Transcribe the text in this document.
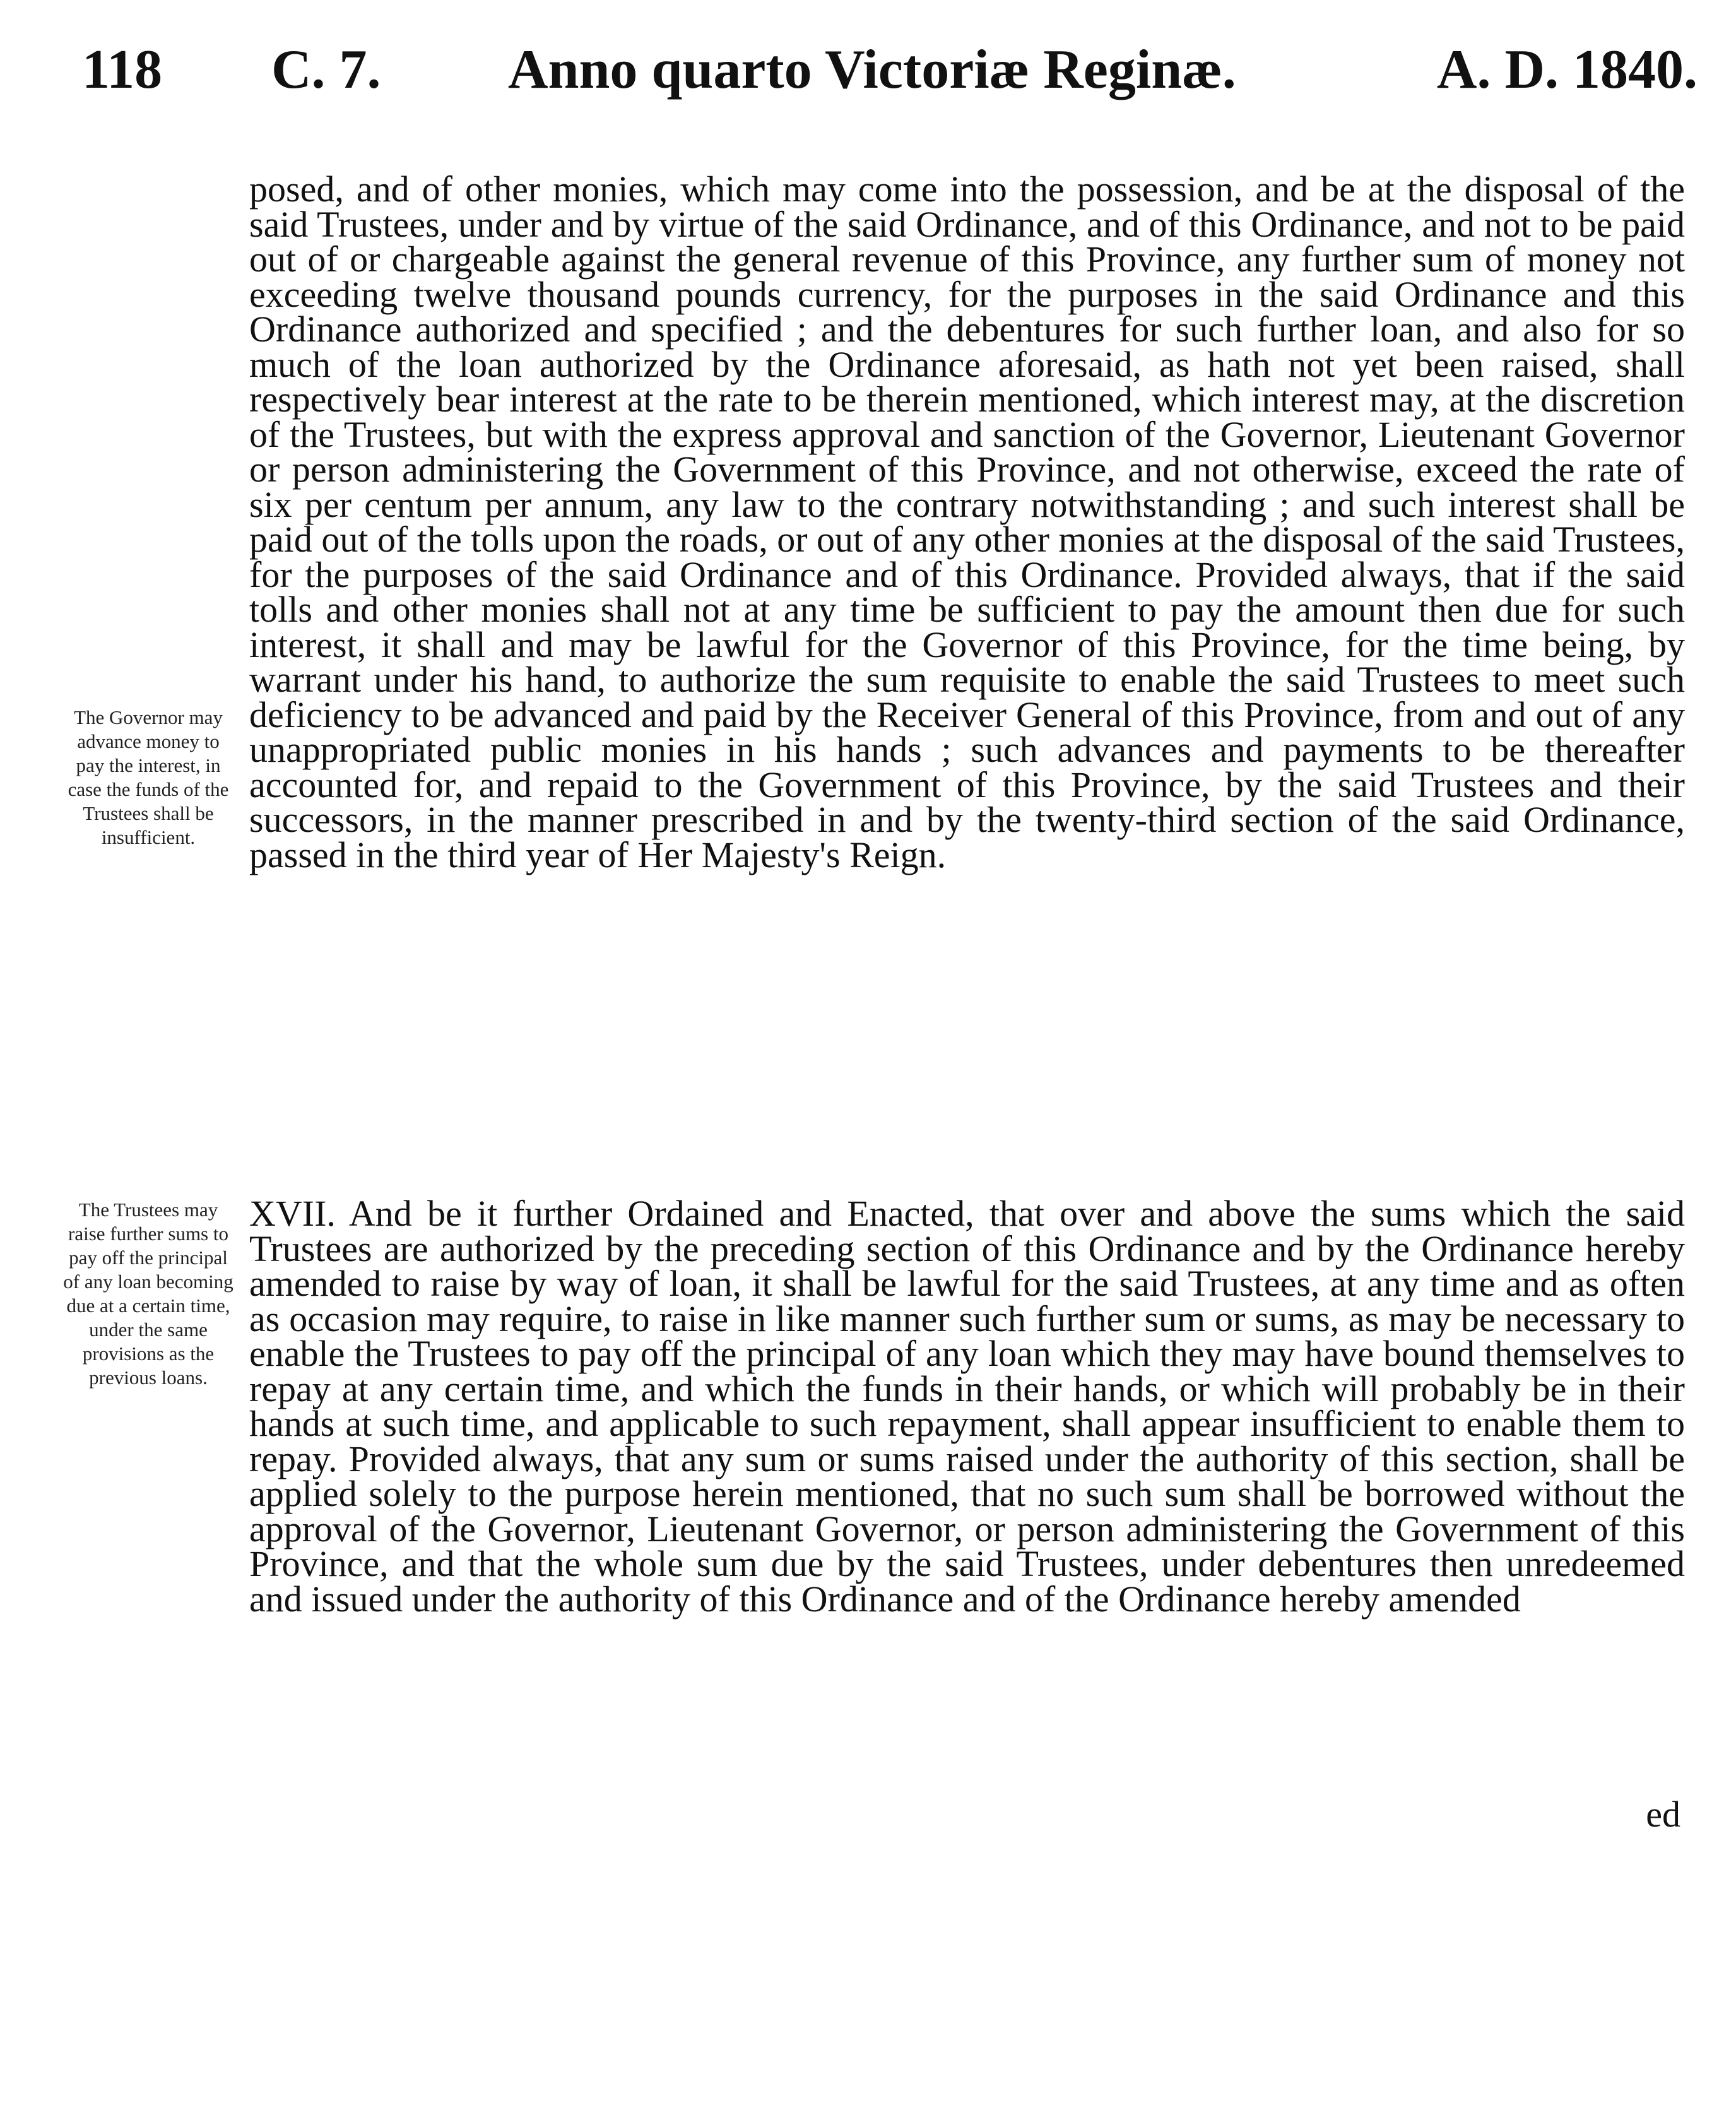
118 C. 7. Anno quarto Victoriæ Reginæ.	A. D. 1840.
The Governor may advance money to pay the interest, in case the funds of the Trustees shall be insufficient.

posed, and of other monies, which may come into the possession, and be at the disposal of the said Trustees, under and by virtue of the said Ordinance, and of this Ordinance, and not to be paid out of or chargeable against the general revenue of this Province, any further sum of money not exceeding twelve thousand pounds currency, for the purposes in the said Ordinance and this Ordinance authorized and specified ; and the debentures for such further loan, and also for so much of the loan authorized by the Ordinance aforesaid, as hath not yet been raised, shall respectively bear interest at the rate to be therein mentioned, which interest may, at the discretion of the Trustees, but with the express approval and sanction of the Governor, Lieutenant Governor or person administering the Government of this Province, and not otherwise, exceed the rate of six per centum per annum, any law to the contrary notwithstanding ; and such interest shall be paid out of the tolls upon the roads, or out of any other monies at the disposal of the said Trustees, for the purposes of the said Ordinance and of this Ordinance. Provided always, that if the said tolls and other monies shall not at any time be sufficient to pay the amount then due for such interest, it shall and may be lawful for the Governor of this Province, for the time being, by warrant under his hand, to authorize the sum requisite to enable the said Trustees to meet such deficiency to be advanced and paid by the Receiver General of this Province, from and out of any unappropriated public monies in his hands ; such advances and payments to be thereafter accounted for, and repaid to the Government of this Province, by the said Trustees and their successors, in the manner prescribed in and by the twenty-third section of the said Ordinance, passed in the third year of Her Majesty's Reign.

The Trustees may raise further sums to pay off the principal of any loan becoming due at a certain time, under the same provisions as the previous loans.

XVII. And be it further Ordained and Enacted, that over and above the sums which the said Trustees are authorized by the preceding section of this Ordinance and by the Ordinance hereby amended to raise by way of loan, it shall be lawful for the said Trustees, at any time and as often as occasion may require, to raise in like manner such further sum or sums, as may be necessary to enable the Trustees to pay off the principal of any loan which they may have bound themselves to repay at any certain time, and which the funds in their hands, or which will probably be in their hands at such time, and applicable to such repayment, shall appear insufficient to enable them to repay. Provided always, that any sum or sums raised under the authority of this section, shall be applied solely to the purpose herein mentioned, that no such sum shall be borrowed without the approval of the Governor, Lieutenant Governor, or person administering the Government of this Province, and that the whole sum due by the said Trustees, under debentures then unredeemed and issued under the authority of this Ordinance and of the Ordinance hereby amended

ed
